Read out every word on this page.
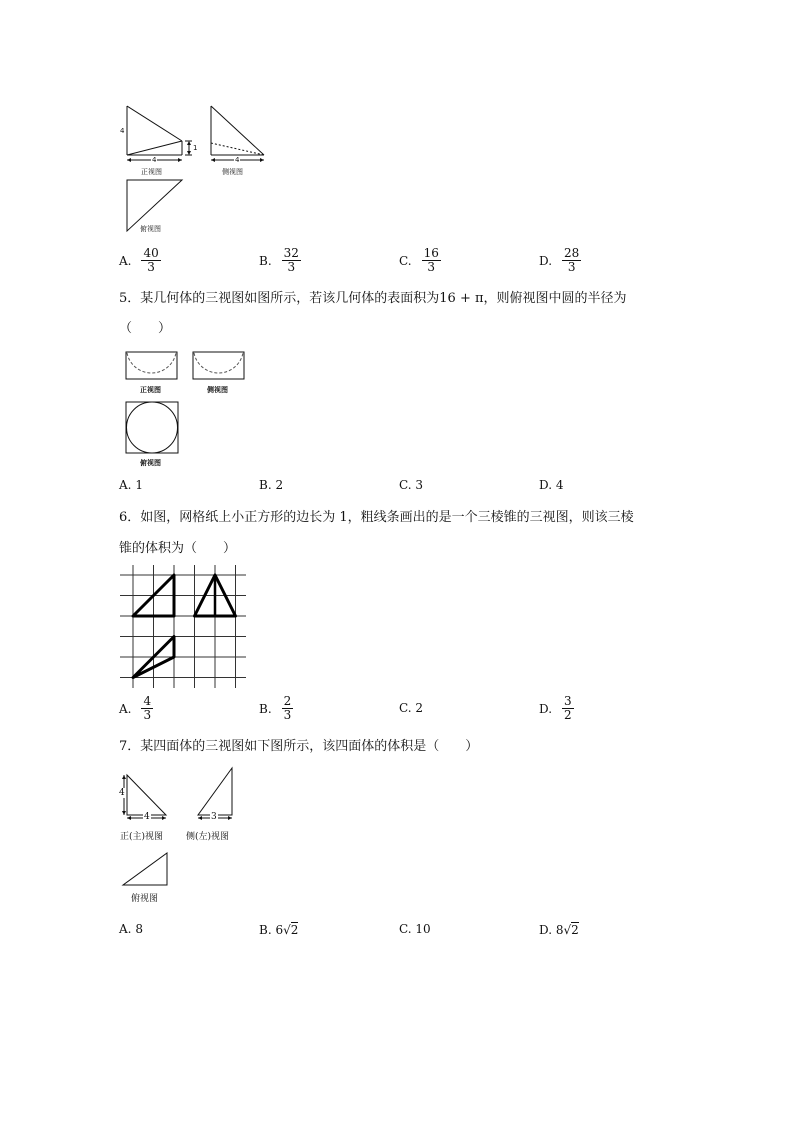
4
1
4
正视图
4
侧视图
俯视图
A. $\frac{40}{3}$	B. $\frac{32}{3}$	C. $\frac{16}{3}$	D. $\frac{28}{3}$
5．某几何体的三视图如图所示，若该几何体的表面积为16 + π，则俯视图中圆的半径为
（　　）
正视图	侧视图
俯视图
A.
1	B.
2	C.
3	D.
4
6．如图，网格纸上小正方形的边长为 1，粗线条画出的是一个三棱锥的三视图，则该三棱
锥的体积为（　　）
A. $\frac{4}{3}$	B. $\frac{2}{3}$	C.
2	D. $\frac{3}{2}$
7．某四面体的三视图如下图所示，该四面体的体积是（　　）
4
4
正(主)视图
3
侧(左)视图
俯视图
A.
8	B.
6 √ 2	C.
10	D.
8 √ 2
